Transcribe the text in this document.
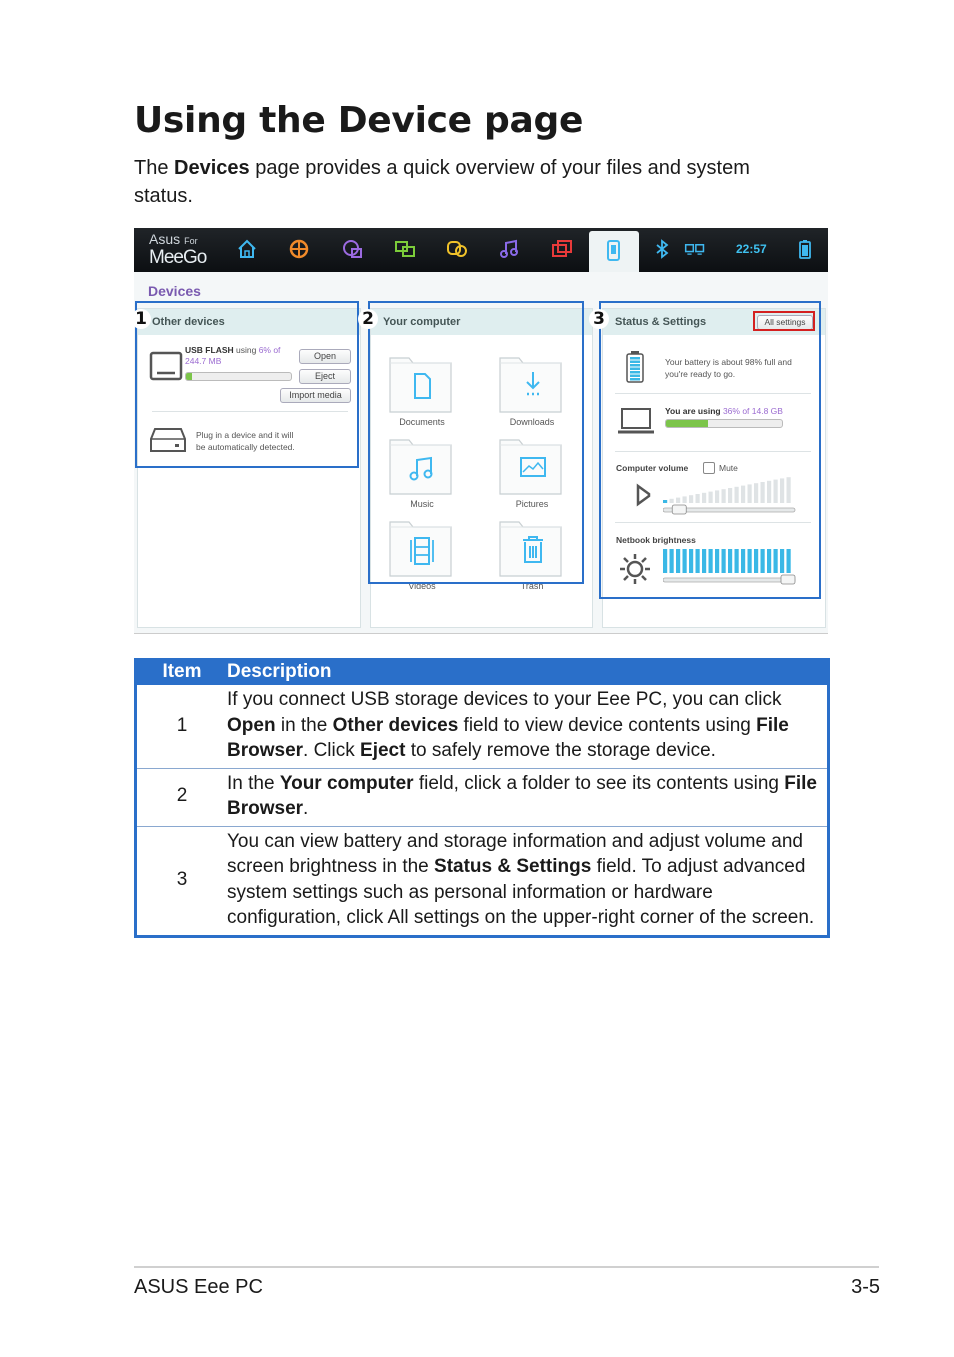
Using the Device page
The Devices page provides a quick overview of your files and system status.
Asus For
MeeGo	22:57
Devices
Other devices
USB FLASH using 6% of
244.7 MB	Open
Eject
Import media
Plug in a device and it will
be automatically detected.
Your computer
Documents	Downloads
Music	Pictures
Videos	Trash
Status & Settings	All settings
Your battery is about 98% full and
you're ready to go.
You are using 36% of 14.8 GB
Computer volume	Mute
Netbook brightness
1	2	3
Item	Description
1	If you connect USB storage devices to your Eee PC, you can click Open in the Other devices field to view device contents using File Browser. Click Eject to safely remove the storage device.
2	In the Your computer field, click a folder to see its contents using File Browser.
3	You can view battery and storage information and adjust volume and screen brightness in the Status & Settings field. To adjust advanced system settings such as personal information or hardware configuration, click All settings on the upper-right corner of the screen.
ASUS Eee PC	3-5
